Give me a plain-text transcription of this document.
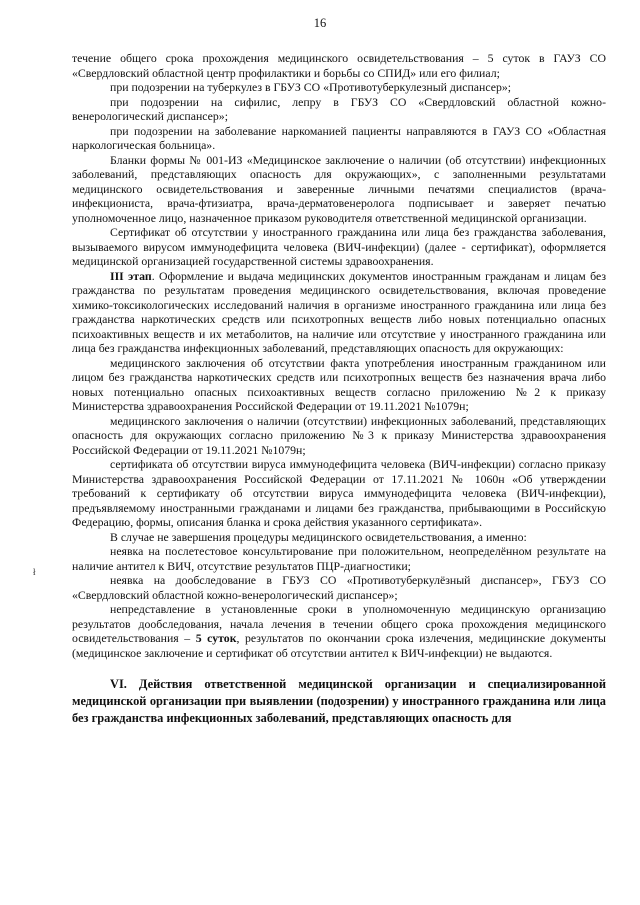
16
ł

течение общего срока прохождения медицинского освидетельствования – 5 суток в ГАУЗ СО «Свердловский областной центр профилактики и борьбы со СПИД» или его филиал;

при подозрении на туберкулез в ГБУЗ СО «Противотуберкулезный диспансер»;

при подозрении на сифилис, лепру в ГБУЗ СО «Свердловский областной кожно-венерологический диспансер»;

при подозрении на заболевание наркоманией пациенты направляются в ГАУЗ СО «Областная наркологическая больница».

Бланки формы № 001-ИЗ «Медицинское заключение о наличии (об отсутствии) инфекционных заболеваний, представляющих опасность для окружающих», с заполненными результатами медицинского освидетельствования и заверенные личными печатями специалистов (врача-инфекциониста, врача-фтизиатра, врача-дерматовенеролога подписывает и заверяет печатью уполномоченное лицо, назначенное приказом руководителя ответственной медицинской организации.

Сертификат об отсутствии у иностранного гражданина или лица без гражданства заболевания, вызываемого вирусом иммунодефицита человека (ВИЧ-инфекции) (далее - сертификат), оформляется медицинской организацией государственной системы здравоохранения.

III этап. Оформление и выдача медицинских документов иностранным гражданам и лицам без гражданства по результатам проведения медицинского освидетельствования, включая проведение химико-токсикологических исследований наличия в организме иностранного гражданина или лица без гражданства наркотических средств или психотропных веществ либо новых потенциально опасных психоактивных веществ и их метаболитов, на наличие или отсутствие у иностранного гражданина или лица без гражданства инфекционных заболеваний, представляющих опасность для окружающих:

медицинского заключения об отсутствии факта употребления иностранным гражданином или лицом без гражданства наркотических средств или психотропных веществ без назначения врача либо новых потенциально опасных психоактивных веществ согласно приложению №2 к приказу Министерства здравоохранения Российской Федерации от 19.11.2021 №1079н;

медицинского заключения о наличии (отсутствии) инфекционных заболеваний, представляющих опасность для окружающих согласно приложению №3 к приказу Министерства здравоохранения Российской Федерации от 19.11.2021 №1079н;

сертификата об отсутствии вируса иммунодефицита человека (ВИЧ-инфекции) согласно приказу Министерства здравоохранения Российской Федерации от 17.11.2021 № 1060н «Об утверждении требований к сертификату об отсутствии вируса иммунодефицита человека (ВИЧ-инфекции), предъявляемому иностранными гражданами и лицами без гражданства, прибывающими в Российскую Федерацию, формы, описания бланка и срока действия указанного сертификата».

В случае не завершения процедуры медицинского освидетельствования, а именно:

неявка на послетестовое консультирование при положительном, неопределённом результате на наличие антител к ВИЧ, отсутствие результатов ПЦР-диагностики;

неявка на дообследование в ГБУЗ СО «Противотуберкулёзный диспансер», ГБУЗ СО «Свердловский областной кожно-венерологический диспансер»;

непредставление в установленные сроки в уполномоченную медицинскую организацию результатов дообследования, начала лечения в течении общего срока прохождения медицинского освидетельствования – 5 суток, результатов по окончании срока излечения, медицинские документы (медицинское заключение и сертификат об отсутствии антител к ВИЧ-инфекции) не выдаются.

VI. Действия ответственной медицинской организации и специализированной медицинской организации при выявлении (подозрении) у иностранного гражданина или лица без гражданства инфекционных заболеваний, представляющих опасность для
